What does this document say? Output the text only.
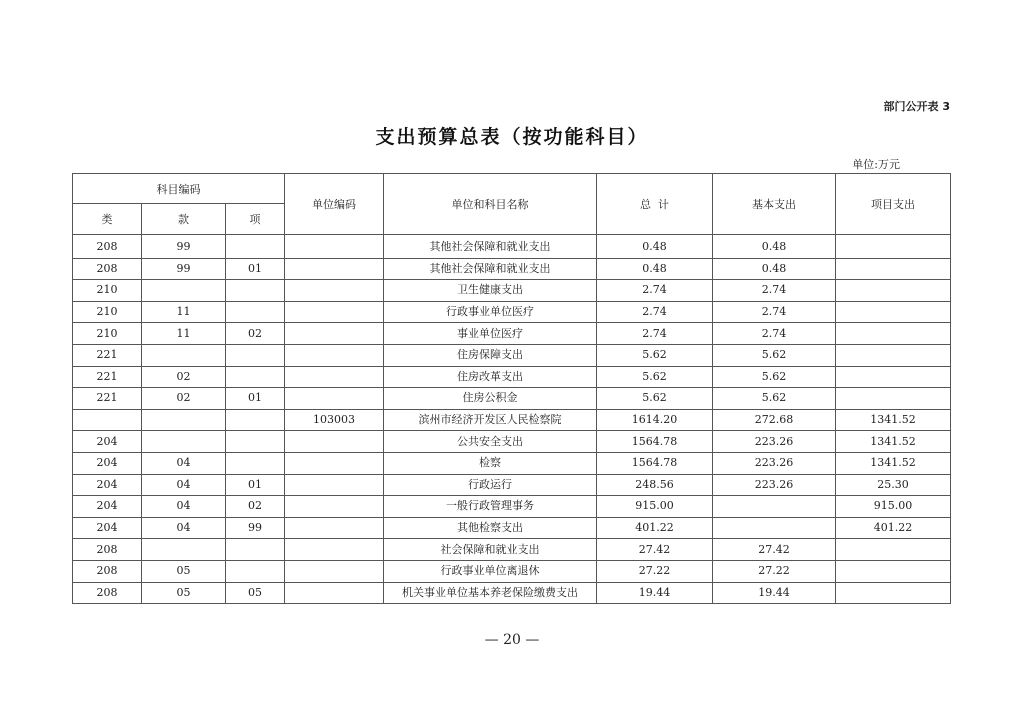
部门公开表 3
支出预算总表（按功能科目）
单位:万元
科目编码			单位编码	单位和科目名称	总  计	基本支出	项目支出
类	款	项					
208	99			其他社会保障和就业支出	0.48	0.48	
208	99	01		其他社会保障和就业支出	0.48	0.48	
210				卫生健康支出	2.74	2.74	
210	11			行政事业单位医疗	2.74	2.74	
210	11	02		事业单位医疗	2.74	2.74	
221				住房保障支出	5.62	5.62	
221	02			住房改革支出	5.62	5.62	
221	02	01		住房公积金	5.62	5.62	
			103003	滨州市经济开发区人民检察院	1614.20	272.68	1341.52
204				公共安全支出	1564.78	223.26	1341.52
204	04			检察	1564.78	223.26	1341.52
204	04	01		行政运行	248.56	223.26	25.30
204	04	02		一般行政管理事务	915.00		915.00
204	04	99		其他检察支出	401.22		401.22
208				社会保障和就业支出	27.42	27.42	
208	05			行政事业单位离退休	27.22	27.22	
208	05	05		机关事业单位基本养老保险缴费支出	19.44	19.44	
— 20 —
